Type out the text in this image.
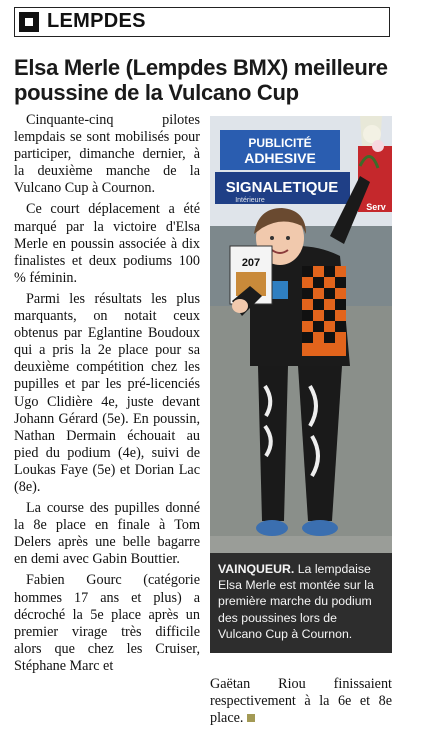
LEMPDES
Elsa Merle (Lempdes BMX) meilleure poussine de la Vulcano Cup

Cinquante-cinq pilotes lempdais se sont mobilisés pour participer, dimanche dernier, à la deuxième manche de la Vulcano Cup à Cournon.

Ce court déplacement a été marqué par la victoire d'Elsa Merle en poussin associée à dix finalistes et deux podiums 100 % féminin.

Parmi les résultats les plus marquants, on notait ceux obtenus par Eglantine Boudoux qui a pris la 2e place pour sa deuxième compétition chez les pupilles et par les pré-licenciés Ugo Clidière 4e, juste devant Johann Gérard (5e). En poussin, Nathan Dermain échouait au pied du podium (4e), suivi de Loukas Faye (5e) et Dorian Lac (8e).

La course des pupilles donné la 8e place en finale à Tom Delers après une belle bagarre en demi avec Gabin Bouttier.

Fabien Gourc (catégorie hommes 17 ans et plus) a décroché la 5e place après un premier virage très difficile alors que chez les Cruiser, Stéphane Marc et

PUBLICITÉ
ADHESIVE
SIGNALETIQUE
Intérieure
Serv
207
VAINQUEUR. La lempdaise Elsa Merle est montée sur la première marche du podium des poussines lors de Vulcano Cup à Cournon.

Gaëtan Riou finissaient respectivement à la 6e et 8e place.
